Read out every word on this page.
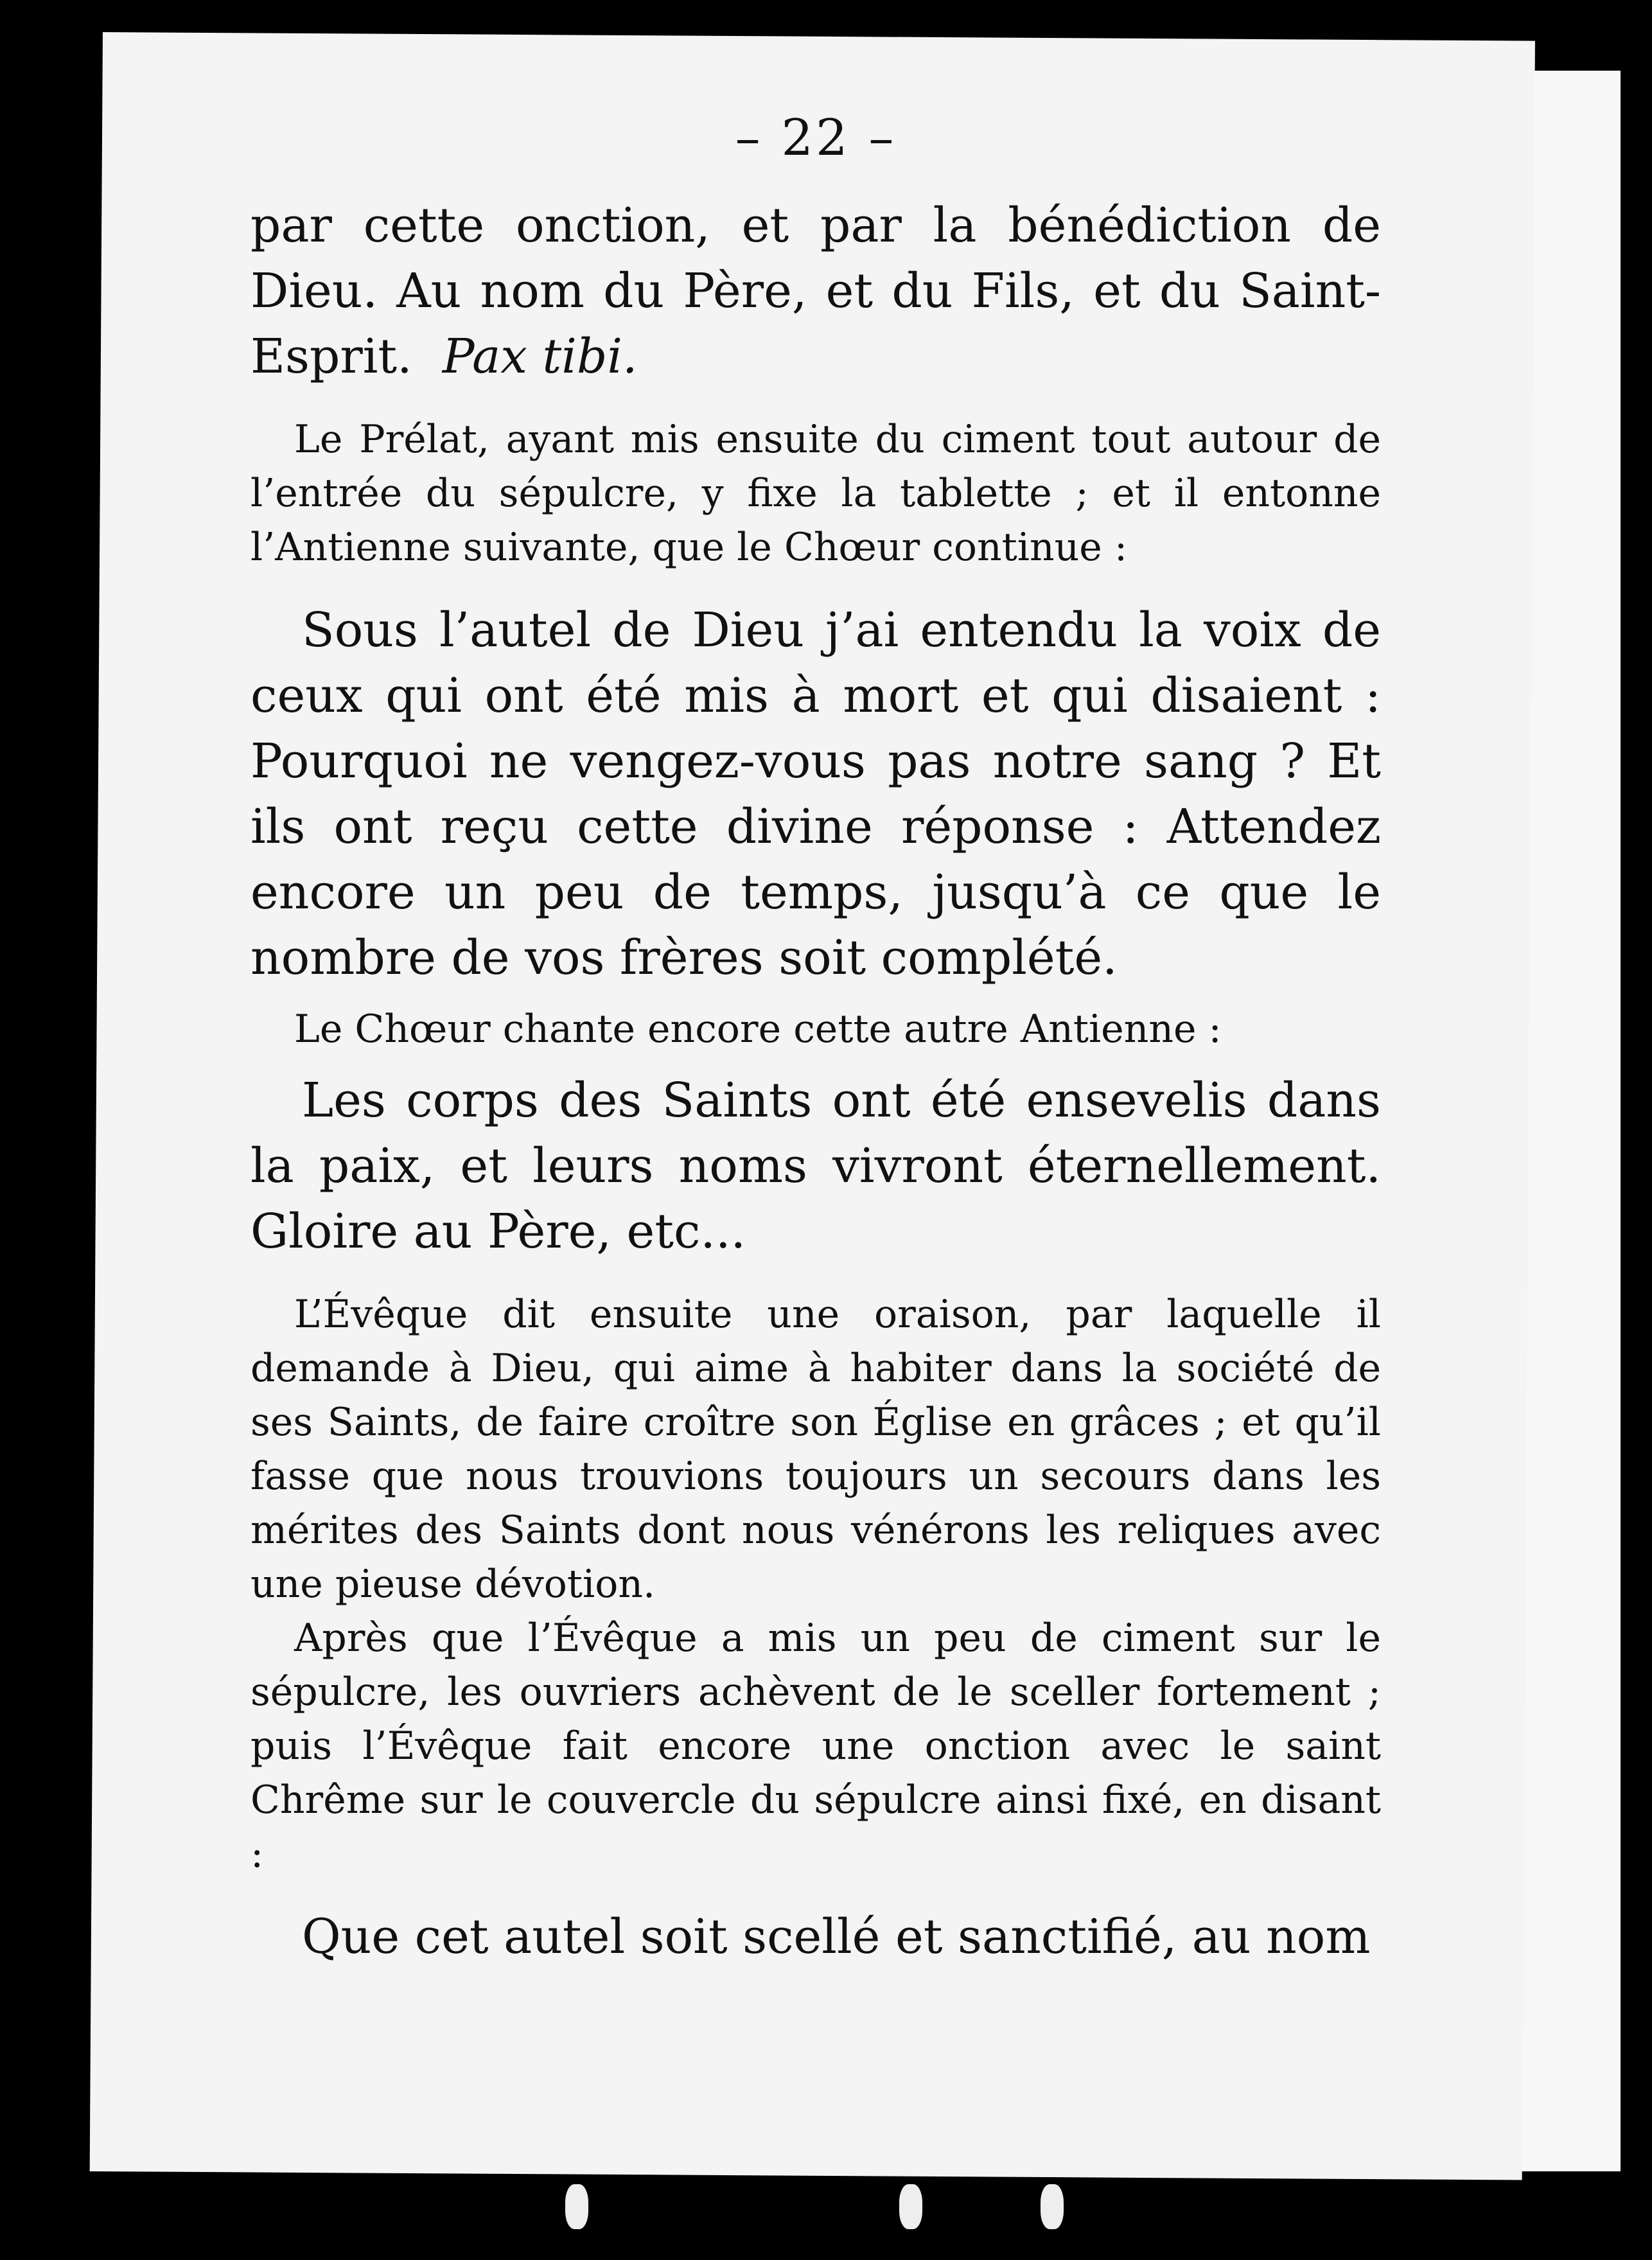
– 22 –

par cette onction, et par la bénédiction de Dieu. Au nom du Père, et du Fils, et du Saint-Esprit. Pax tibi.

Le Prélat, ayant mis ensuite du ciment tout autour de l’entrée du sépulcre, y fixe la tablette ; et il entonne l’Antienne suivante, que le Chœur continue :

Sous l’autel de Dieu j’ai entendu la voix de ceux qui ont été mis à mort et qui disaient : Pourquoi ne vengez-vous pas notre sang ? Et ils ont reçu cette divine réponse : Attendez encore un peu de temps, jusqu’à ce que le nombre de vos frères soit complété.

Le Chœur chante encore cette autre Antienne :

Les corps des Saints ont été ensevelis dans la paix, et leurs noms vivront éternellement. Gloire au Père, etc...

L’Évêque dit ensuite une oraison, par laquelle il demande à Dieu, qui aime à habiter dans la société de ses Saints, de faire croître son Église en grâces ; et qu’il fasse que nous trouvions toujours un secours dans les mérites des Saints dont nous vénérons les reliques avec une pieuse dévotion.

Après que l’Évêque a mis un peu de ciment sur le sépulcre, les ouvriers achèvent de le sceller fortement ; puis l’Évêque fait encore une onction avec le saint Chrême sur le couvercle du sépulcre ainsi fixé, en disant :

Que cet autel soit scellé et sanctifié, au nom
